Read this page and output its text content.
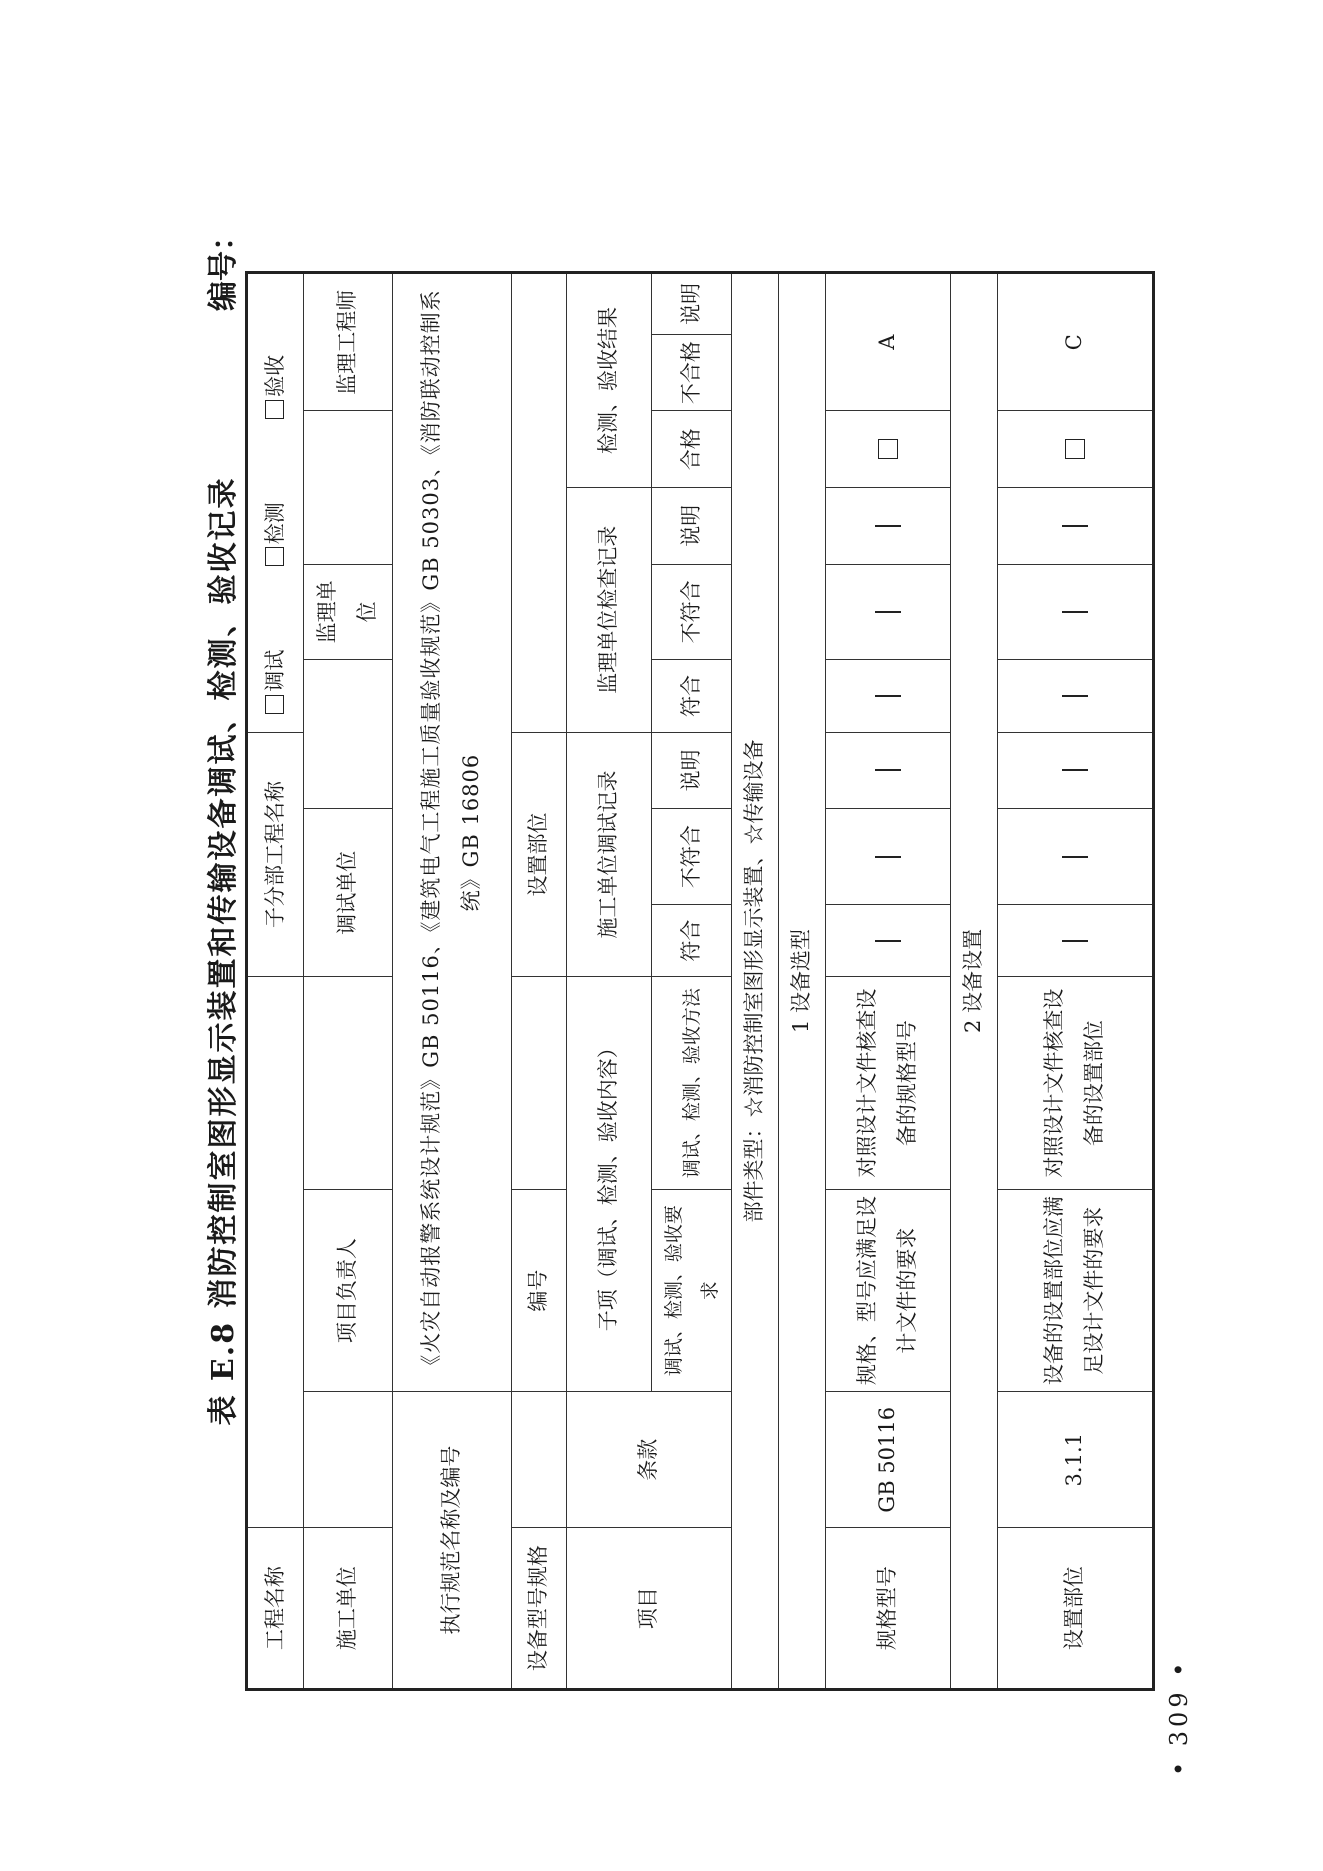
表 E.8 消防控制室图形显示装置和传输设备调试、检测、验收记录
编号：
工程名称				子分部工程名称			调试  检测  验收					
施工单位		项目负责人		调试单位				监理单位			监理工程师	
执行规范名称及编号		《火灾自动报警系统设计规范》GB 50116、《建筑电气工程施工质量验收规范》GB 50303、《消防联动控制系统》GB 16806										
设备型号规格		编号		设置部位								
项目	条款	子项（调试、检测、验收内容）		施工单位调试记录			监理单位检查记录			检测、验收结果		
		调试、检测、验收要求	调试、检测、验收方法	符合	不符合	说明	符合	不符合	说明	合格	不合格	说明
部件类型：☆消防控制室图形显示装置、☆传输设备												
1 设备选型												
规格型号	GB 50116	规格、型号应满足设计文件的要求	对照设计文件核查设备的规格型号								A	
2 设备设置												
设置部位	3.1.1	设备的设置部位应满足设计文件的要求	对照设计文件核查设备的设置部位								C	
• 309 •
